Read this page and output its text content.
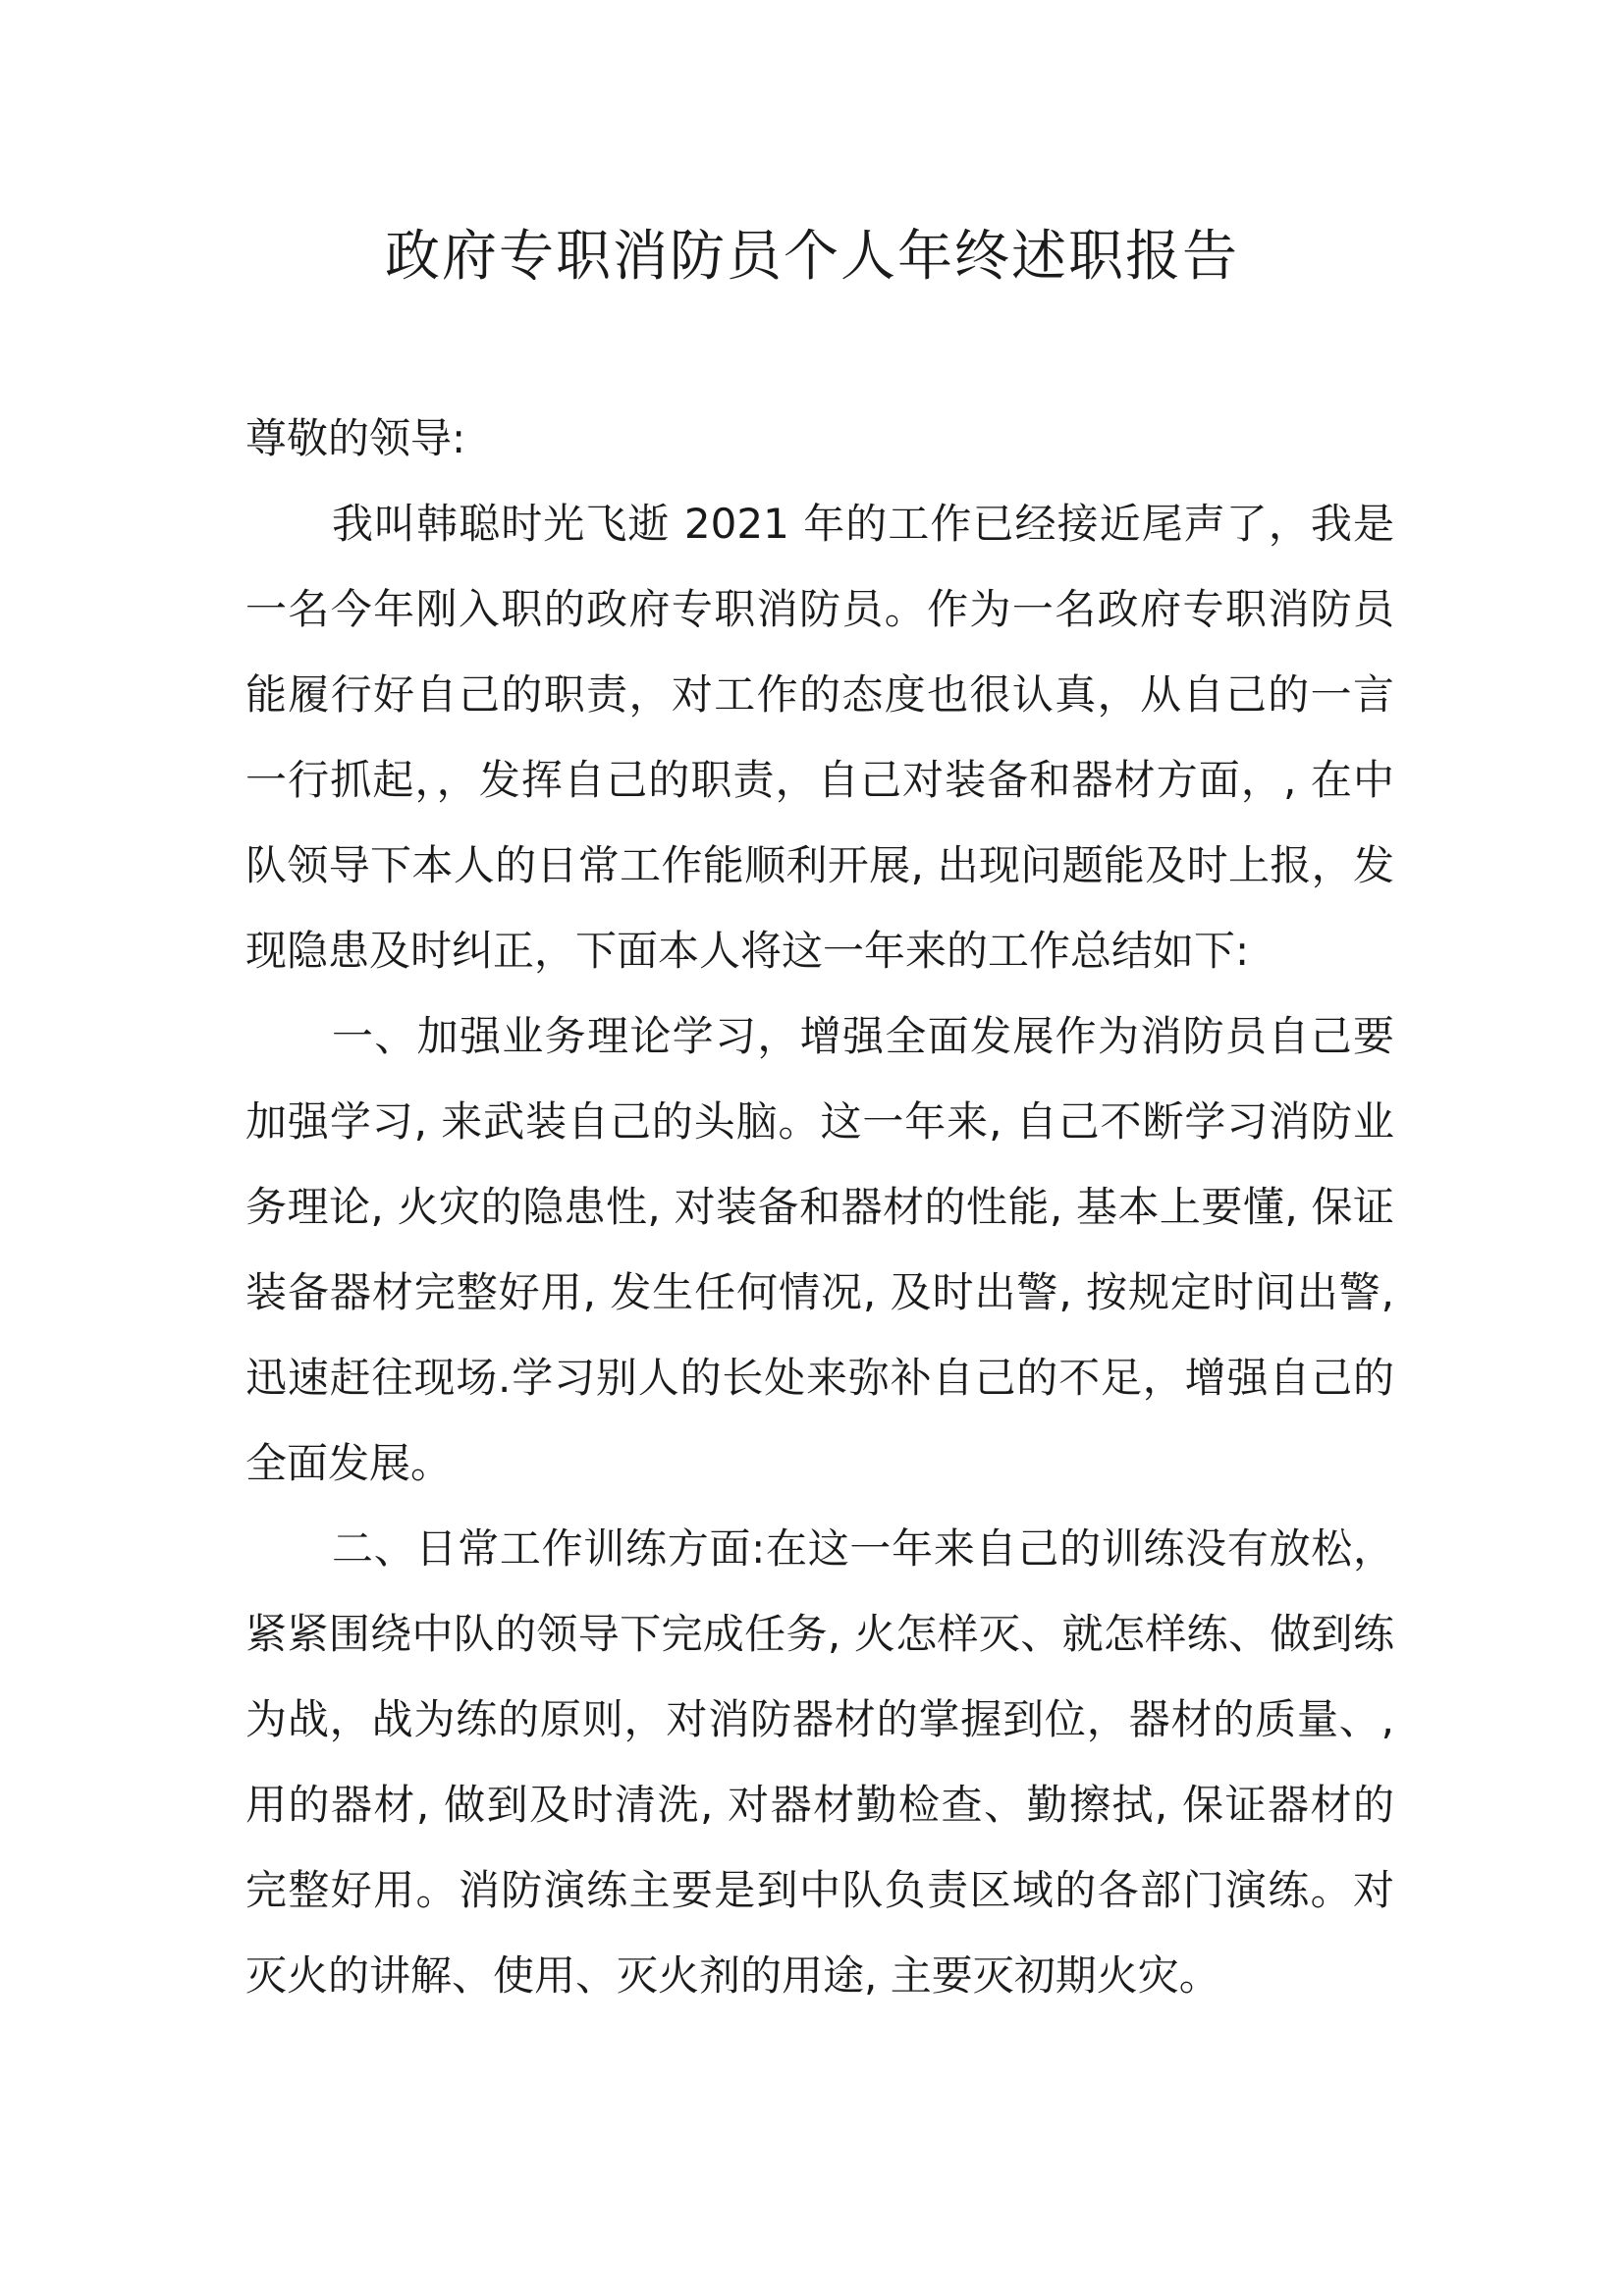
政府专职消防员个人年终述职报告

尊敬的领导:

我叫韩聪时光飞逝 2021 年的工作已经接近尾声了，我是一名今年刚入职的政府专职消防员。作为一名政府专职消防员能履行好自己的职责，对工作的态度也很认真，从自己的一言一行抓起，，发挥自己的职责，自己对装备和器材方面，, 在中队领导下本人的日常工作能顺利开展, 出现问题能及时上报，发现隐患及时纠正，下面本人将这一年来的工作总结如下:

一、加强业务理论学习，增强全面发展作为消防员自己要加强学习, 来武装自己的头脑。这一年来, 自己不断学习消防业务理论, 火灾的隐患性, 对装备和器材的性能, 基本上要懂, 保证装备器材完整好用, 发生任何情况, 及时出警, 按规定时间出警, 迅速赶往现场.学习别人的长处来弥补自己的不足，增强自己的全面发展。

二、日常工作训练方面:在这一年来自己的训练没有放松，紧紧围绕中队的领导下完成任务, 火怎样灭、就怎样练、做到练为战，战为练的原则，对消防器材的掌握到位，器材的质量、, 用的器材, 做到及时清洗, 对器材勤检查、勤擦拭, 保证器材的完整好用。消防演练主要是到中队负责区域的各部门演练。对灭火的讲解、使用、灭火剂的用途, 主要灭初期火灾。
